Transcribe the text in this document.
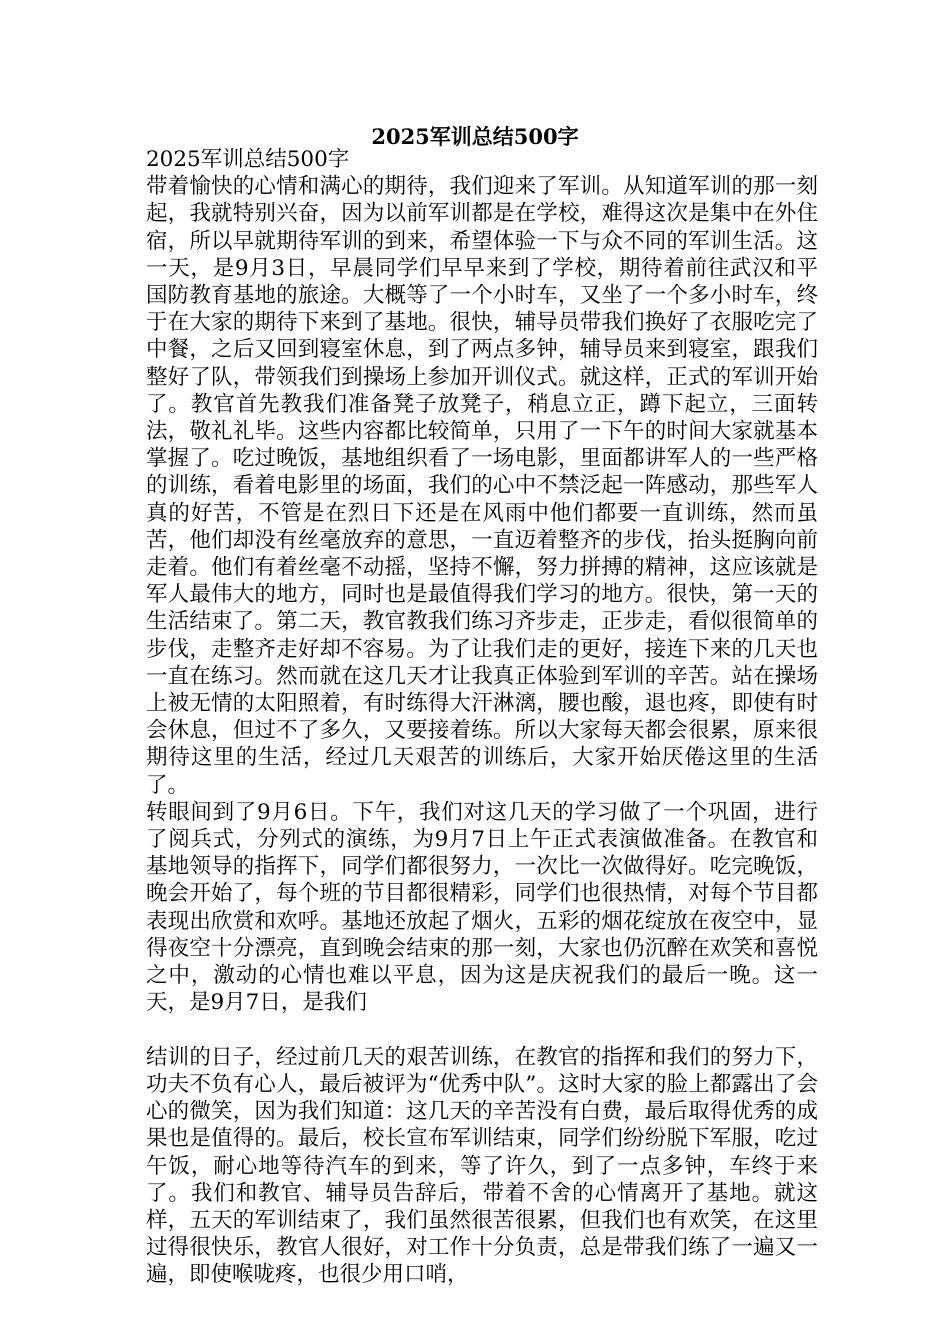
2025军训总结500字

2025军训总结500字

带着愉快的心情和满心的期待，我们迎来了军训。从知道军训的那一刻起，我就特别兴奋，因为以前军训都是在学校，难得这次是集中在外住宿，所以早就期待军训的到来，希望体验一下与众不同的军训生活。这一天，是9月3日，早晨同学们早早来到了学校，期待着前往武汉和平国防教育基地的旅途。大概等了一个小时车，又坐了一个多小时车，终于在大家的期待下来到了基地。很快，辅导员带我们换好了衣服吃完了中餐，之后又回到寝室休息，到了两点多钟，辅导员来到寝室，跟我们整好了队，带领我们到操场上参加开训仪式。就这样，正式的军训开始了。教官首先教我们准备凳子放凳子，稍息立正，蹲下起立，三面转法，敬礼礼毕。这些内容都比较简单，只用了一下午的时间大家就基本掌握了。吃过晚饭，基地组织看了一场电影，里面都讲军人的一些严格的训练，看着电影里的场面，我们的心中不禁泛起一阵感动，那些军人真的好苦，不管是在烈日下还是在风雨中他们都要一直训练，然而虽苦，他们却没有丝毫放弃的意思，一直迈着整齐的步伐，抬头挺胸向前走着。他们有着丝毫不动摇，坚持不懈，努力拼搏的精神，这应该就是军人最伟大的地方，同时也是最值得我们学习的地方。很快，第一天的生活结束了。第二天，教官教我们练习齐步走，正步走，看似很简单的步伐，走整齐走好却不容易。为了让我们走的更好，接连下来的几天也一直在练习。然而就在这几天才让我真正体验到军训的辛苦。站在操场上被无情的太阳照着，有时练得大汗淋漓，腰也酸，退也疼，即使有时会休息，但过不了多久，又要接着练。所以大家每天都会很累，原来很期待这里的生活，经过几天艰苦的训练后，大家开始厌倦这里的生活了。

转眼间到了9月6日。下午，我们对这几天的学习做了一个巩固，进行了阅兵式，分列式的演练，为9月7日上午正式表演做准备。在教官和基地领导的指挥下，同学们都很努力，一次比一次做得好。吃完晚饭，晚会开始了，每个班的节目都很精彩，同学们也很热情，对每个节目都表现出欣赏和欢呼。基地还放起了烟火，五彩的烟花绽放在夜空中，显得夜空十分漂亮，直到晚会结束的那一刻，大家也仍沉醉在欢笑和喜悦之中，激动的心情也难以平息，因为这是庆祝我们的最后一晚。这一天，是9月7日，是我们

结训的日子，经过前几天的艰苦训练，在教官的指挥和我们的努力下，功夫不负有心人，最后被评为“优秀中队”。这时大家的脸上都露出了会心的微笑，因为我们知道：这几天的辛苦没有白费，最后取得优秀的成果也是值得的。最后，校长宣布军训结束，同学们纷纷脱下军服，吃过午饭，耐心地等待汽车的到来，等了许久，到了一点多钟，车终于来了。我们和教官、辅导员告辞后，带着不舍的心情离开了基地。就这样，五天的军训结束了，我们虽然很苦很累，但我们也有欢笑，在这里过得很快乐，教官人很好，对工作十分负责，总是带我们练了一遍又一遍，即使喉咙疼，也很少用口哨，
